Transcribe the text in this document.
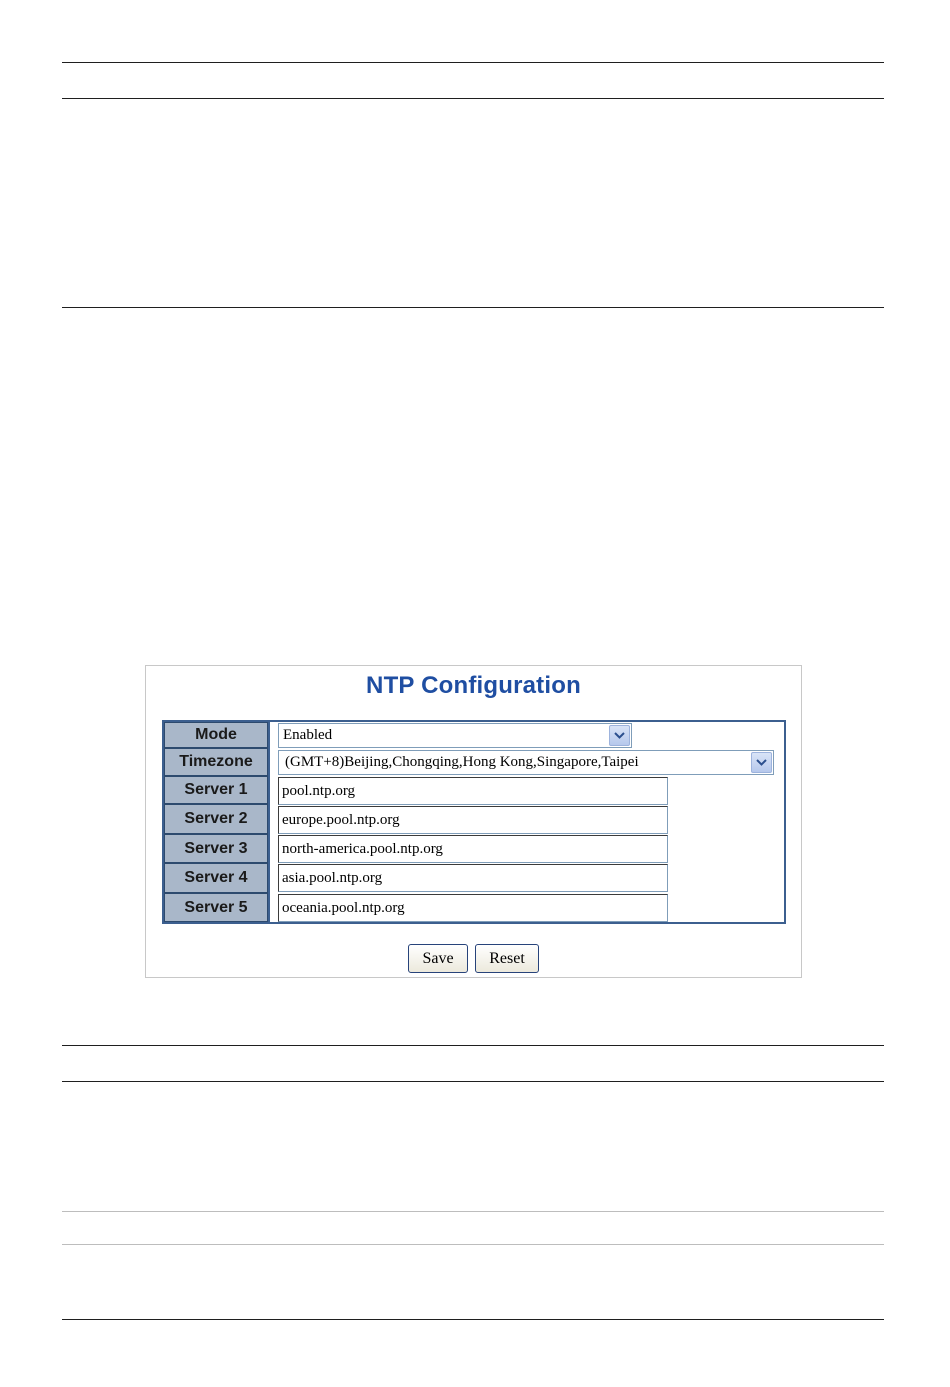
NTP Configuration
Mode	Enabled
Timezone	(GMT+8)Beijing,Chongqing,Hong Kong,Singapore,Taipei
Server 1	pool.ntp.org
Server 2	europe.pool.ntp.org
Server 3	north-america.pool.ntp.org
Server 4	asia.pool.ntp.org
Server 5	oceania.pool.ntp.org
Save	Reset
